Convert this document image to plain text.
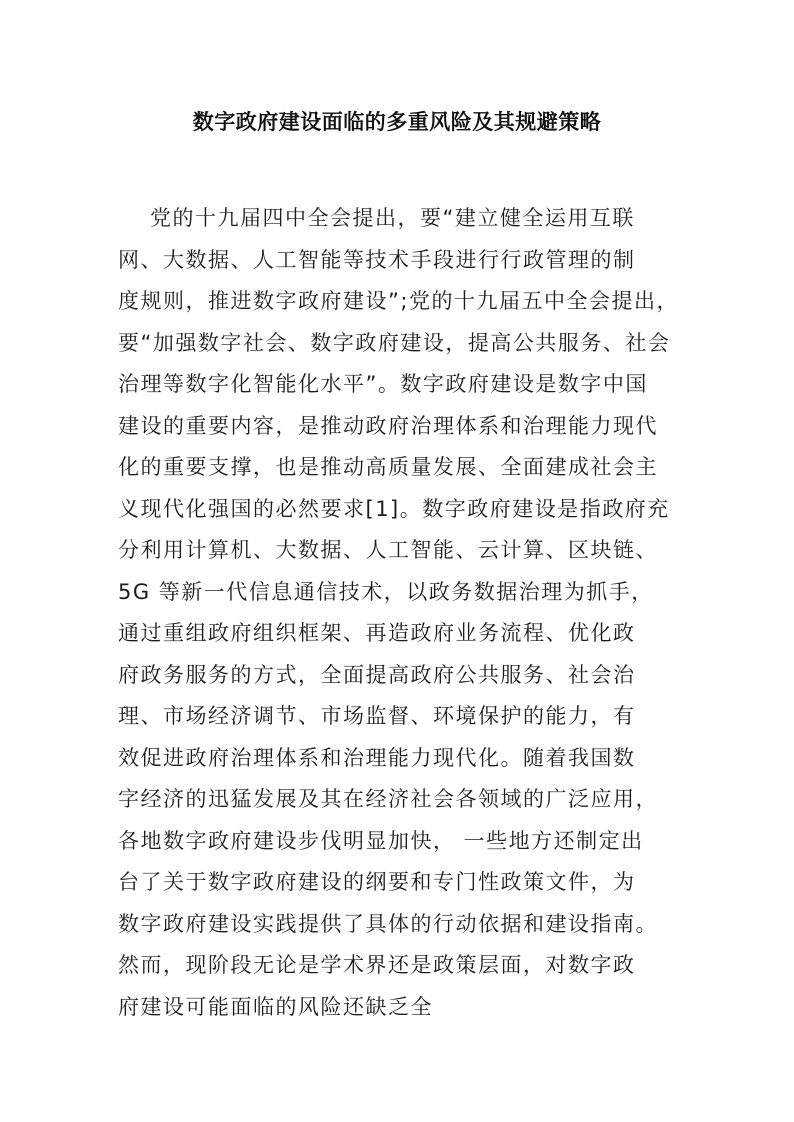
数字政府建设面临的多重风险及其规避策略
党的十九届四中全会提出，要“建立健全运用互联
网、大数据、人工智能等技术手段进行行政管理的制
度规则，推进数字政府建设”;党的十九届五中全会提出，
要“加强数字社会、数字政府建设，提高公共服务、社会
治理等数字化智能化水平”。数字政府建设是数字中国
建设的重要内容，是推动政府治理体系和治理能力现代
化的重要支撑，也是推动高质量发展、全面建成社会主
义现代化强国的必然要求[1]。数字政府建设是指政府充
分利用计算机、大数据、人工智能、云计算、区块链、
5G 等新一代信息通信技术，以政务数据治理为抓手，
通过重组政府组织框架、再造政府业务流程、优化政
府政务服务的方式，全面提高政府公共服务、社会治
理、市场经济调节、市场监督、环境保护的能力，有
效促进政府治理体系和治理能力现代化。随着我国数
字经济的迅猛发展及其在经济社会各领域的广泛应用，
各地数字政府建设步伐明显加快， 一些地方还制定出
台了关于数字政府建设的纲要和专门性政策文件，为
数字政府建设实践提供了具体的行动依据和建设指南。
然而，现阶段无论是学术界还是政策层面，对数字政
府建设可能面临的风险还缺乏全
